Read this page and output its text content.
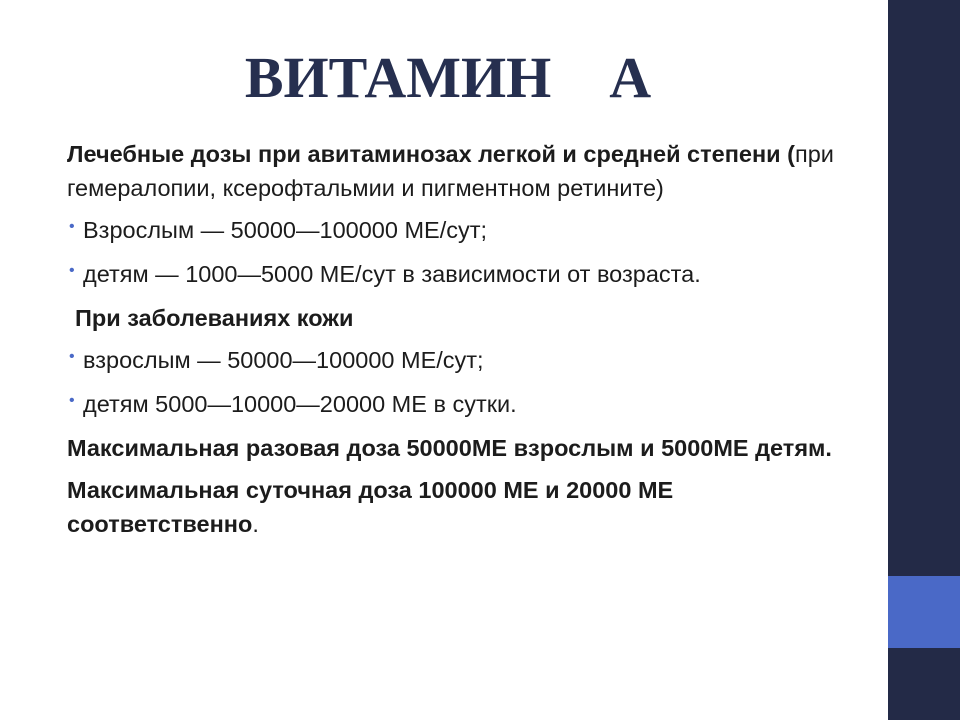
ВИТАМИН    А

Лечебные дозы при авитаминозах легкой и средней степени (при гемералопии, ксерофтальмии и пигментном ретините)

• Взрослым — 50000—100000 МЕ/сут;
• детям — 1000—5000 МЕ/сут в зависимости от возраста.
При заболеваниях кожи
• взрослым — 50000—100000 МЕ/сут;
• детям 5000—10000—20000 МЕ в сутки.

Максимальная разовая доза 50000МЕ взрослым и 5000МЕ детям.

Максимальная суточная доза 100000 МЕ и 20000 МЕ соответственно.
